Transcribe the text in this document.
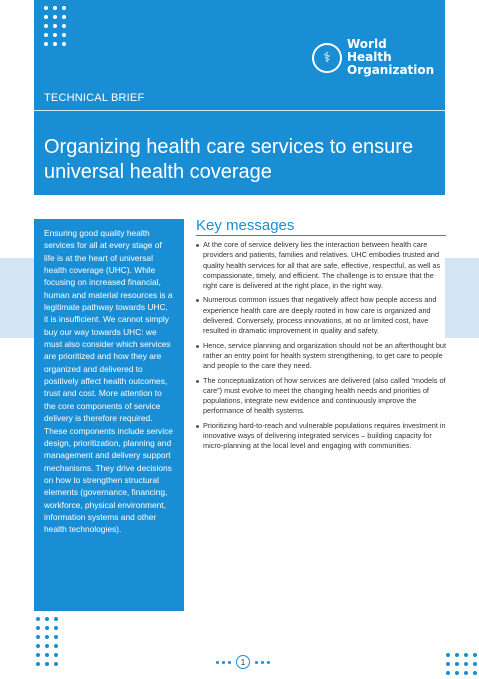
⚕
World Health Organization
TECHNICAL BRIEF
Organizing health care services to ensure universal health coverage

Ensuring good quality health services for all at every stage of life is at the heart of universal health coverage (UHC). While focusing on increased financial, human and material resources is a legitimate pathway towards UHC, it is insufficient. We cannot simply buy our way towards UHC: we must also consider which services are prioritized and how they are organized and delivered to positively affect health outcomes, trust and cost. More attention to the core components of service delivery is therefore required. These components include service design, prioritization, planning and management and delivery support mechanisms. They drive decisions on how to strengthen structural elements (governance, financing, workforce, physical environment, information systems and other health technologies).

Key messages
At the core of service delivery lies the interaction between health care providers and patients, families and relatives. UHC embodies trusted and quality health services for all that are safe, effective, respectful, as well as compassionate, timely, and efficient. The challenge is to ensure that the right care is delivered at the right place, in the right way.
Numerous common issues that negatively affect how people access and experience health care are deeply rooted in how care is organized and delivered. Conversely, process innovations, at no or limited cost, have resulted in dramatic improvement in quality and safety.
Hence, service planning and organization should not be an afterthought but rather an entry point for health system strengthening, to get care to people and people to the care they need.
The conceptualization of how services are delivered (also called “models of care”) must evolve to meet the changing health needs and priorities of populations, integrate new evidence and continuously improve the performance of health systems.
Prioritizing hard-to-reach and vulnerable populations requires investment in innovative ways of delivering integrated services – building capacity for micro-planning at the local level and engaging with communities.
1
